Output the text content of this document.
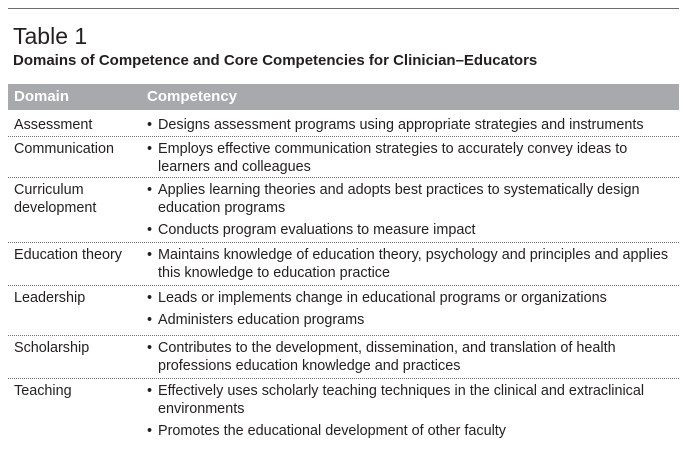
Table 1
Domains of Competence and Core Competencies for Clinician–Educators
Domain	Competency
Assessment	• Designs assessment programs using appropriate strategies and instruments
Communication	• Employs effective communication strategies to accurately convey ideas to learners and colleagues
Curriculum development
• Applies learning theories and adopts best practices to systematically design education programs
• Conducts program evaluations to measure impact
Education theory	• Maintains knowledge of education theory, psychology and principles and applies this knowledge to education practice
Leadership	• Leads or implements change in educational programs or organizations
• Administers education programs
Scholarship	• Contributes to the development, dissemination, and translation of health professions education knowledge and practices
Teaching	• Effectively uses scholarly teaching techniques in the clinical and extraclinical environments
• Promotes the educational development of other faculty
